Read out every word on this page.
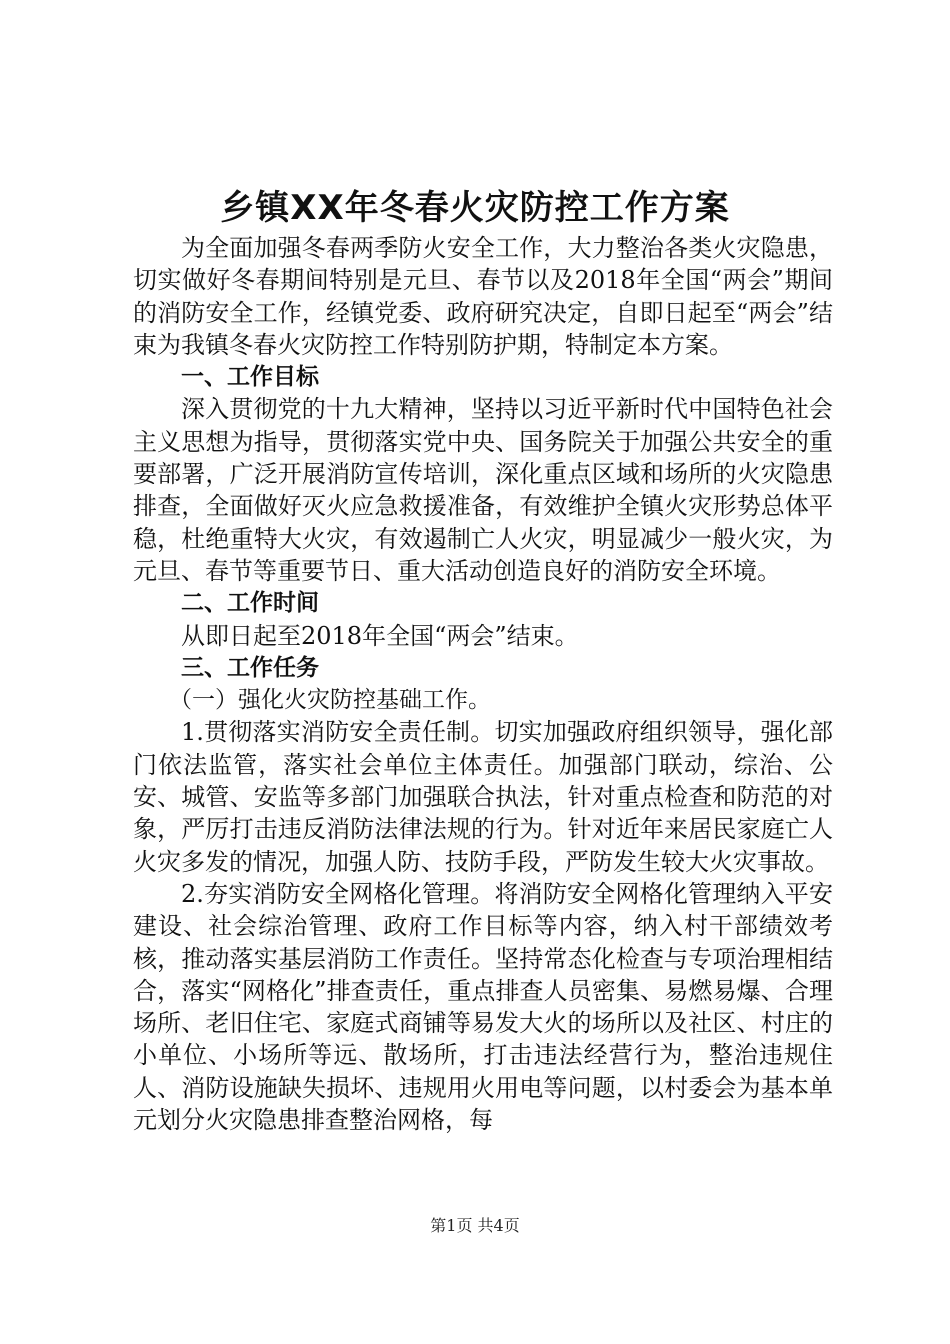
乡镇XX年冬春火灾防控工作方案

为全面加强冬春两季防火安全工作，大力整治各类火灾隐患，切实做好冬春期间特别是元旦、春节以及2018年全国“两会”期间的消防安全工作，经镇党委、政府研究决定，自即日起至“两会”结束为我镇冬春火灾防控工作特别防护期，特制定本方案。

一、工作目标

深入贯彻党的十九大精神，坚持以习近平新时代中国特色社会主义思想为指导，贯彻落实党中央、国务院关于加强公共安全的重要部署，广泛开展消防宣传培训，深化重点区域和场所的火灾隐患排查，全面做好灭火应急救援准备，有效维护全镇火灾形势总体平稳，杜绝重特大火灾，有效遏制亡人火灾，明显减少一般火灾，为元旦、春节等重要节日、重大活动创造良好的消防安全环境。

二、工作时间

从即日起至2018年全国“两会”结束。

三、工作任务

（一）强化火灾防控基础工作。

1.贯彻落实消防安全责任制。切实加强政府组织领导，强化部门依法监管，落实社会单位主体责任。加强部门联动，综治、公安、城管、安监等多部门加强联合执法，针对重点检查和防范的对象，严厉打击违反消防法律法规的行为。针对近年来居民家庭亡人火灾多发的情况，加强人防、技防手段，严防发生较大火灾事故。

2.夯实消防安全网格化管理。将消防安全网格化管理纳入平安建设、社会综治管理、政府工作目标等内容，纳入村干部绩效考核，推动落实基层消防工作责任。坚持常态化检查与专项治理相结合，落实“网格化”排查责任，重点排查人员密集、易燃易爆、合理场所、老旧住宅、家庭式商铺等易发大火的场所以及社区、村庄的小单位、小场所等远、散场所，打击违法经营行为，整治违规住人、消防设施缺失损坏、违规用火用电等问题，以村委会为基本单元划分火灾隐患排查整治网格，每

第1页 共4页
